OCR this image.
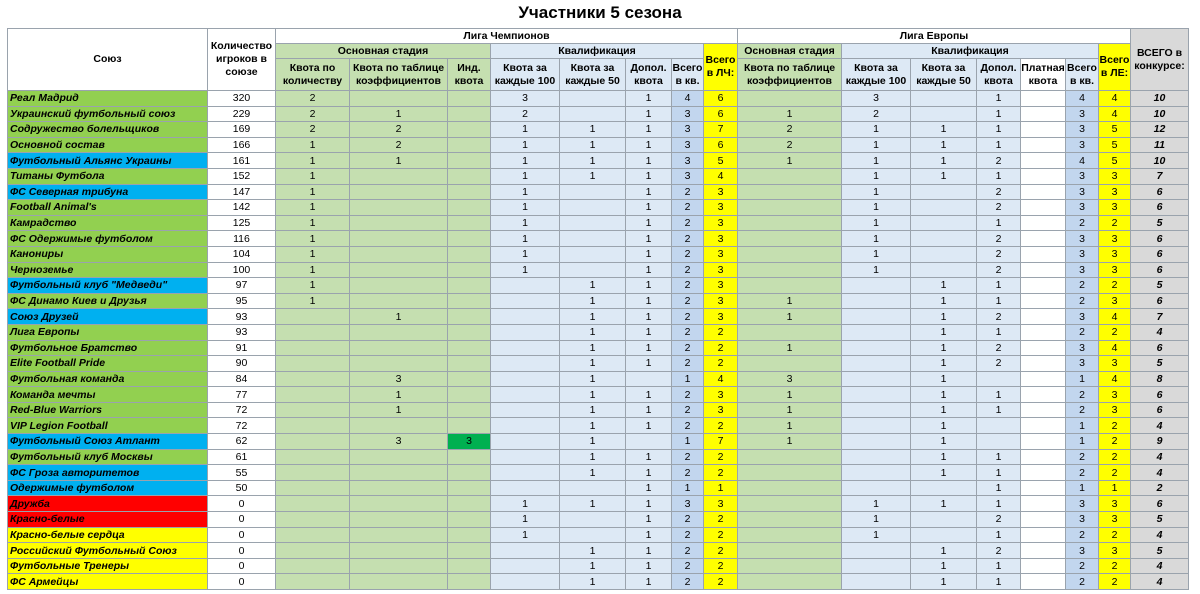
Участники 5 сезона
Союз	Количество игроков в союзе	Лига Чемпионов								Лига Европы							ВСЕГО в конкурсе:
		Основная стадия			Квалификация				Всего в ЛЧ:	Основная стадия	Квалификация					Всего в ЛЕ:	
		Квота по количеству	Квота по таблице коэффициентов	Инд. квота	Квота за каждые 100	Квота за каждые 50	Допол. квота	Всего в кв.		Квота по таблице коэффициентов	Квота за каждые 100	Квота за каждые 50	Допол. квота	Платная квота	Всего в кв.		
Реал Мадрид	320	2			3		1	4	6		3		1		4	4	10
Украинский футбольный союз	229	2	1		2		1	3	6	1	2		1		3	4	10
Содружество болельщиков	169	2	2		1	1	1	3	7	2	1	1	1		3	5	12
Основной состав	166	1	2		1	1	1	3	6	2	1	1	1		3	5	11
Футбольный Альянс Украины	161	1	1		1	1	1	3	5	1	1	1	2		4	5	10
Титаны Футбола	152	1			1	1	1	3	4		1	1	1		3	3	7
ФС Северная трибуна	147	1			1		1	2	3		1		2		3	3	6
Football Animal's	142	1			1		1	2	3		1		2		3	3	6
Камрадство	125	1			1		1	2	3		1		1		2	2	5
ФС Одержимые футболом	116	1			1		1	2	3		1		2		3	3	6
Канониры	104	1			1		1	2	3		1		2		3	3	6
Черноземье	100	1			1		1	2	3		1		2		3	3	6
Футбольный клуб "Медведи"	97	1				1	1	2	3			1	1		2	2	5
ФС Динамо Киев и Друзья	95	1				1	1	2	3	1		1	1		2	3	6
Союз Друзей	93		1			1	1	2	3	1		1	2		3	4	7
Лига Европы	93					1	1	2	2			1	1		2	2	4
Футбольное Братство	91					1	1	2	2	1		1	2		3	4	6
Elite Football Pride	90					1	1	2	2			1	2		3	3	5
Футбольная команда	84		3			1		1	4	3		1			1	4	8
Команда мечты	77		1			1	1	2	3	1		1	1		2	3	6
Red-Blue Warriors	72		1			1	1	2	3	1		1	1		2	3	6
VIP Legion Football	72					1	1	2	2	1		1			1	2	4
Футбольный Союз Атлант	62		3	3		1		1	7	1		1			1	2	9
Футбольный клуб Москвы	61					1	1	2	2			1	1		2	2	4
ФС Гроза авторитетов	55					1	1	2	2			1	1		2	2	4
Одержимые футболом	50						1	1	1				1		1	1	2
Дружба	0				1	1	1	3	3		1	1	1		3	3	6
Красно-белые	0				1		1	2	2		1		2		3	3	5
Красно-белые сердца	0				1		1	2	2		1		1		2	2	4
Российский Футбольный Союз	0					1	1	2	2			1	2		3	3	5
Футбольные Тренеры	0					1	1	2	2			1	1		2	2	4
ФС Армейцы	0					1	1	2	2			1	1		2	2	4
